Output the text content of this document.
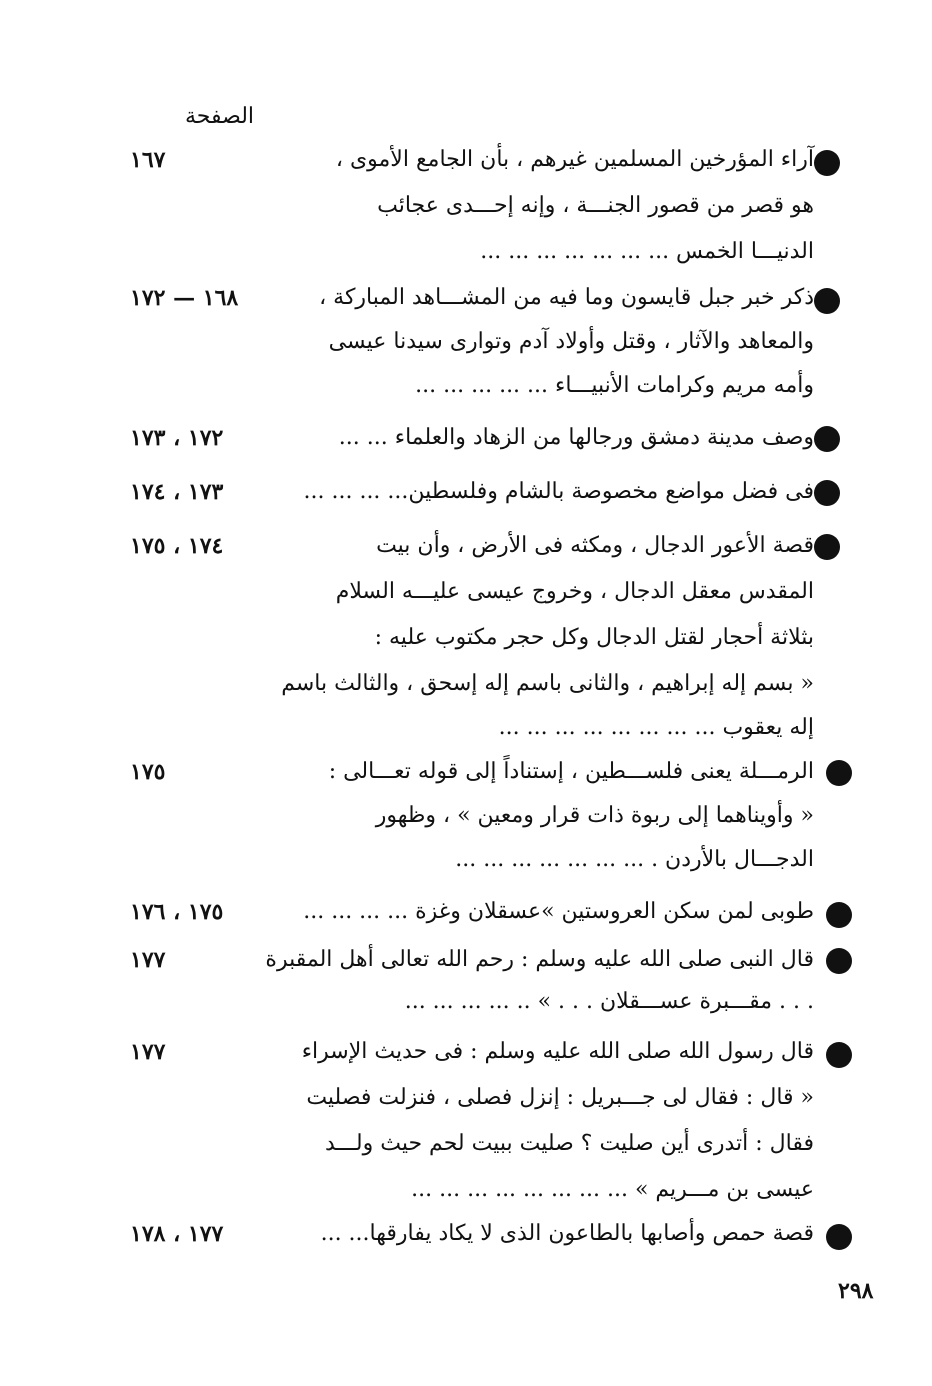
الصفحة
آراء المؤرخين المسلمين غيرهم ، بأن الجامع الأموى ،
هو قصر من قصور الجنـــة ، وإنه إحـــدى عجائب
الدنيـــا الخمس ... ... ... ... ... ... ...
١٦٧
ذكر خبر جبل قايسون وما فيه من المشـــاهد المباركة ،
والمعاهد والآثار ، وقتل وأولاد آدم وتوارى سيدنا عيسى
وأمه مريم وكرامات الأنبيـــاء ... ... ... ... ...
١٦٨ — ١٧٢
وصف مدينة دمشق ورجالها من الزهاد والعلماء ... ...
١٧٢ ، ١٧٣
فى فضل مواضع مخصوصة بالشام وفلسطين... ... ... ...
١٧٣ ، ١٧٤
قصة الأعور الدجال ، ومكثه فى الأرض ، وأن بيت
المقدس معقل الدجال ، وخروج عيسى عليـــه السلام
بثلاثة أحجار لقتل الدجال وكل حجر مكتوب عليه :
« بسم إله إبراهيم ، والثانى باسم إله إسحق ، والثالث باسم
إله يعقوب ... ... ... ... ... ... ... ...
١٧٤ ، ١٧٥
الرمـــلة يعنى فلســـطين ، إستناداً إلى قوله تعـــالى :
« وأويناهما إلى ربوة ذات قرار ومعين » ، وظهور
الدجـــال بالأردن . ... ... ... ... ... ... ...
١٧٥
طوبى لمن سكن العروستين »عسقلان وغزة ... ... ... ...
١٧٥ ، ١٧٦
قال النبى صلى الله عليه وسلم : رحم الله تعالى أهل المقبرة
. . . مقـــبرة عســـقلان . . . » .. ... ... ... ...
١٧٧
قال رسول الله صلى الله عليه وسلم : فى حديث الإسراء
« قال : فقال لى جـــبريل : إنزل فصلى ، فنزلت فصليت
فقال : أتدرى أين صليت ؟ صليت ببيت لحم حيث ولـــد
عيسى بن مـــريم » ... ... ... ... ... ... ... ...
١٧٧
قصة حمص وأصابها بالطاعون الذى لا يكاد يفارقها... ...
١٧٧ ، ١٧٨
٢٩٨
